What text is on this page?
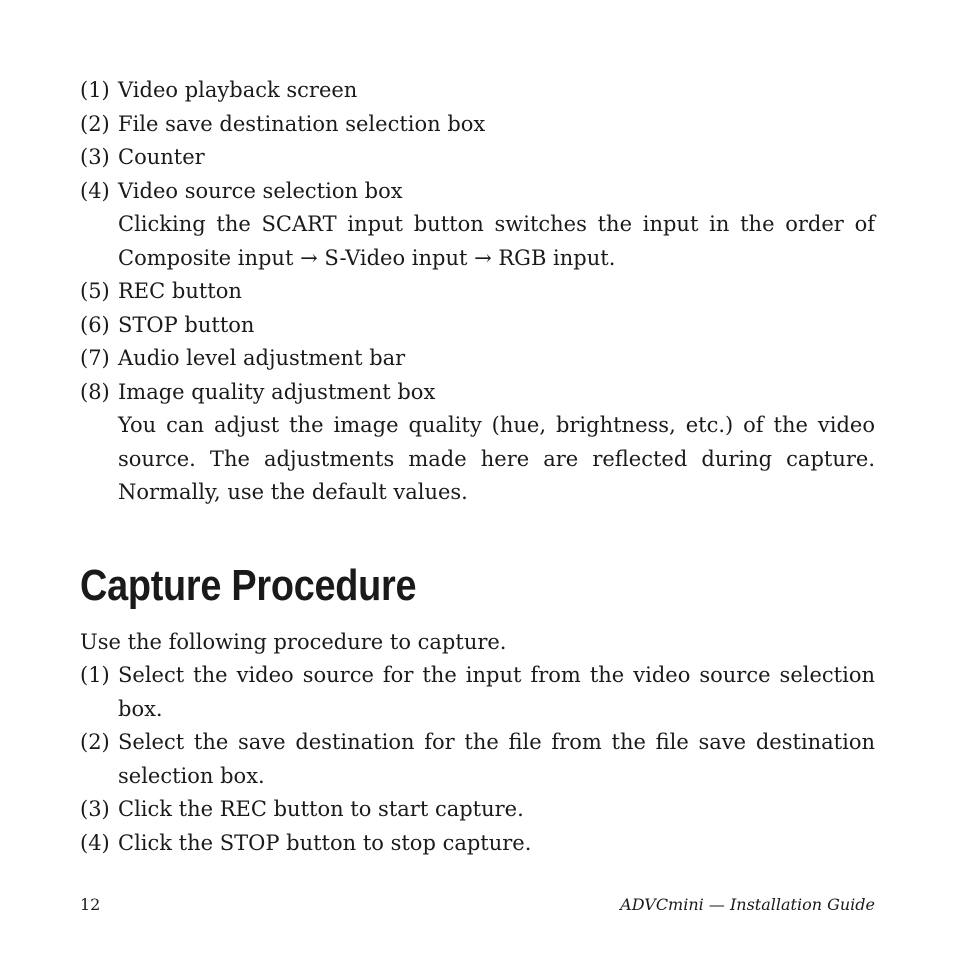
(1) Video playback screen
(2) File save destination selection box
(3) Counter
(4) Video source selection box
Clicking the SCART input button switches the input in the order of Composite input → S-Video input → RGB input.
(5) REC button
(6) STOP button
(7) Audio level adjustment bar
(8) Image quality adjustment box
You can adjust the image quality (hue, brightness, etc.) of the video source. The adjustments made here are reflected during capture. Normally, use the default values.
Capture Procedure
Use the following procedure to capture.
(1) Select the video source for the input from the video source selection box.
(2) Select the save destination for the file from the file save destination selection box.
(3) Click the REC button to start capture.
(4) Click the STOP button to stop capture.
12	ADVCmini — Installation Guide
